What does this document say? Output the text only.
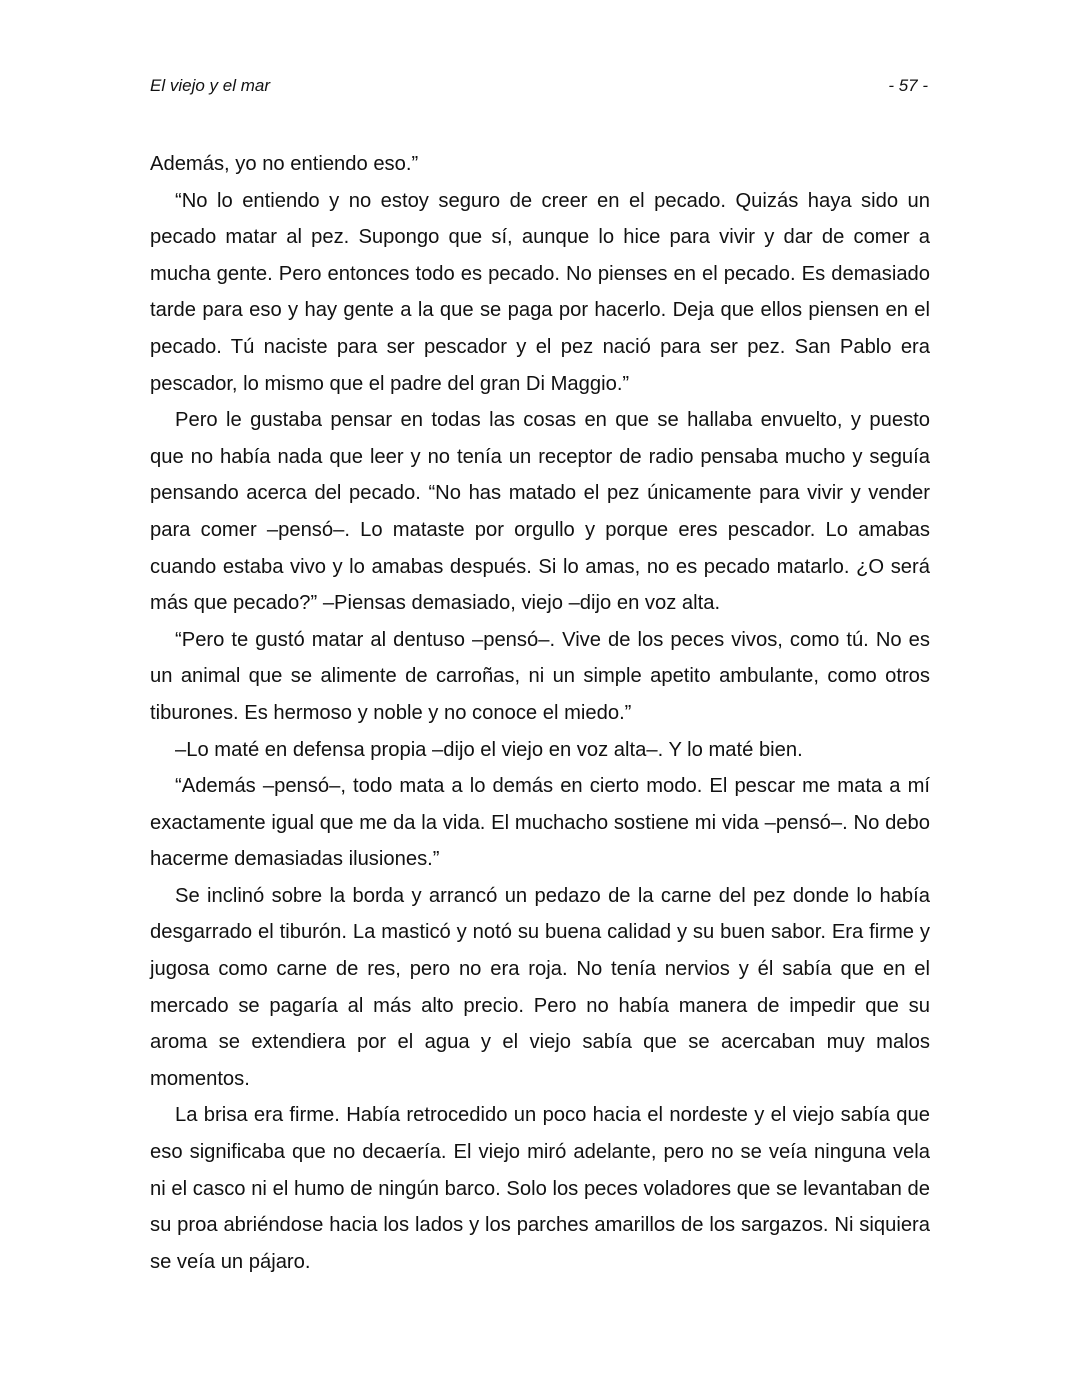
El viejo y el mar	- 57 -

Además, yo no entiendo eso.”

“No lo entiendo y no estoy seguro de creer en el pecado. Quizás haya sido un pecado matar al pez. Supongo que sí, aunque lo hice para vivir y dar de comer a mucha gente. Pero entonces todo es pecado. No pienses en el pecado. Es demasiado tarde para eso y hay gente a la que se paga por hacerlo. Deja que ellos piensen en el pecado. Tú naciste para ser pescador y el pez nació para ser pez. San Pablo era pescador, lo mismo que el padre del gran Di Maggio.”

Pero le gustaba pensar en todas las cosas en que se hallaba envuelto, y puesto que no había nada que leer y no tenía un receptor de radio pensaba mucho y seguía pensando acerca del pecado. “No has matado el pez únicamente para vivir y vender para comer –pensó–. Lo mataste por orgullo y porque eres pescador. Lo amabas cuando estaba vivo y lo amabas después. Si lo amas, no es pecado matarlo. ¿O será más que pecado?” –Piensas demasiado, viejo –dijo en voz alta.

“Pero te gustó matar al dentuso –pensó–. Vive de los peces vivos, como tú. No es un animal que se alimente de carroñas, ni un simple apetito ambulante, como otros tiburones. Es hermoso y noble y no conoce el miedo.”

–Lo maté en defensa propia –dijo el viejo en voz alta–. Y lo maté bien.

“Además –pensó–, todo mata a lo demás en cierto modo. El pescar me mata a mí exactamente igual que me da la vida. El muchacho sostiene mi vida –pensó–. No debo hacerme demasiadas ilusiones.”

Se inclinó sobre la borda y arrancó un pedazo de la carne del pez donde lo había desgarrado el tiburón. La masticó y notó su buena calidad y su buen sabor. Era firme y jugosa como carne de res, pero no era roja. No tenía nervios y él sabía que en el mercado se pagaría al más alto precio. Pero no había manera de impedir que su aroma se extendiera por el agua y el viejo sabía que se acercaban muy malos momentos.

La brisa era firme. Había retrocedido un poco hacia el nordeste y el viejo sabía que eso significaba que no decaería. El viejo miró adelante, pero no se veía ninguna vela ni el casco ni el humo de ningún barco. Solo los peces voladores que se levantaban de su proa abriéndose hacia los lados y los parches amarillos de los sargazos. Ni siquiera se veía un pájaro.
